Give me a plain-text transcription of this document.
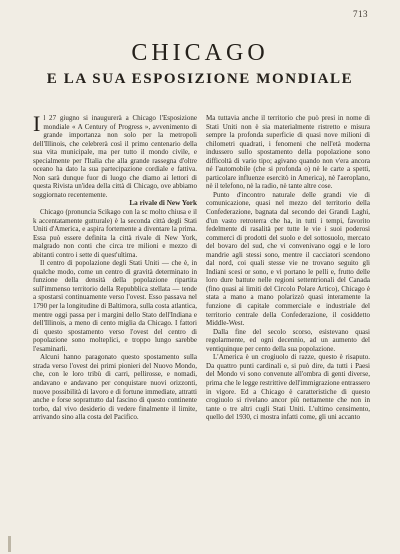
713
CHICAGO
E LA SUA ESPOSIZIONE MONDIALE

Il 27 giugno si inaugurerà a Chicago l'Esposizione mondiale « A Century of Progress », avvenimento di grande importanza non solo per la metropoli dell'Illinois, che celebrerà così il primo centenario della sua vita municipale, ma per tutto il mondo civile, e specialmente per l'Italia che alla grande rassegna d'oltre oceano ha dato la sua partecipazione cordiale e fattiva. Non sarà dunque fuor di luogo che diamo ai lettori di questa Rivista un'idea della città di Chicago, ove abbiamo soggiornato recentemente.

La rivale di New York

Chicago (pronuncia Scikago con la sc molto chiusa e il k accentatamente gutturale) è la seconda città degli Stati Uniti d'America, e aspira fortemente a diventare la prima. Essa può essere definita la città rivale di New York, malgrado non conti che circa tre milioni e mezzo di abitanti contro i sette di quest'ultima.

Il centro di popolazione degli Stati Uniti — che è, in qualche modo, come un centro di gravità determinato in funzione della densità della popolazione ripartita sull'immenso territorio della Repubblica stellata — tende a spostarsi continuamente verso l'ovest. Esso passava nel 1790 per la longitudine di Baltimora, sulla costa atlantica, mentre oggi passa per i margini dello Stato dell'Indiana e dell'Illinois, a meno di cento miglia da Chicago. I fattori di questo spostamento verso l'ovest del centro di popolazione sono molteplici, e troppo lungo sarebbe l'esaminarli.

Alcuni hanno paragonato questo spostamento sulla strada verso l'ovest dei primi pionieri del Nuovo Mondo, che, con le loro tribù di carri, pellirosse, e nomadi, andavano e andavano per conquistare nuovi orizzonti, nuove possibilità di lavoro e di fortune immediate, attratti anche e forse soprattutto dal fascino di questo continente torbo, dal vivo desiderio di vedere finalmente il limite, arrivando sino alla costa del Pacifico.

Ma tuttavia anche il territorio che può presi in nome di Stati Uniti non è sia materialmente ristretto e misura sempre la profonda superficie di quasi nove milioni di chilometri quadrati, i fenomeni che nell'età moderna indussero sullo spostamento della popolazione sono difficoltà di vario tipo; agivano quando non v'era ancora né l'automobile (che si profonda o) nè le carte a spetti, particolare influenze esercitò in America), nè l'aeroplano, nè il telefono, nè la radio, nè tante altre cose.

Punto d'incontro naturale delle grandi vie di comunicazione, quasi nel mezzo del territorio della Confederazione, bagnata dal secondo dei Grandi Laghi, d'un vasto retroterra che ha, in tutti i tempi, favorito fedelmente di rasalità per tutte le vie i suoi poderosi commerci di prodotti del suolo e del sottosuolo, mercato del bovaro del sud, che vi convenivano oggi e le loro mandrie agli stessi sono, mentre il cacciatori scendono dal nord, coi quali stesse vie ne trovano seguito gli Indiani scesi or sono, e vi portano le pelli e, frutto delle loro dure battute nelle regioni settentrionali del Canada (fino quasi ai limiti del Circolo Polare Artico), Chicago è stata a mano a mano polarizzò quasi interamente la funzione di capitale commerciale e industriale del territorio centrale della Confederazione, il cosiddetto Middle-West.

Dalla fine del secolo scorso, esistevano quasi regolarmente, ed ogni decennio, ad un aumento del ventiquinque per cento della sua popolazione.

L'America è un crogiuolo di razze, questo è risaputo. Da quattro punti cardinali e, si può dire, da tutti i Paesi del Mondo vi sono convenute all'ombra di genti diverse, prima che le legge restrittive dell'immigrazione entrassero in vigore. Ed a Chicago è caratteristiche di questo crogiuolo si rivelano ancor più nettamente che non in tante o tre altri cugli Stati Uniti. L'ultimo censimento, quello del 1930, ci mostra infatti come, gli uni accanto
